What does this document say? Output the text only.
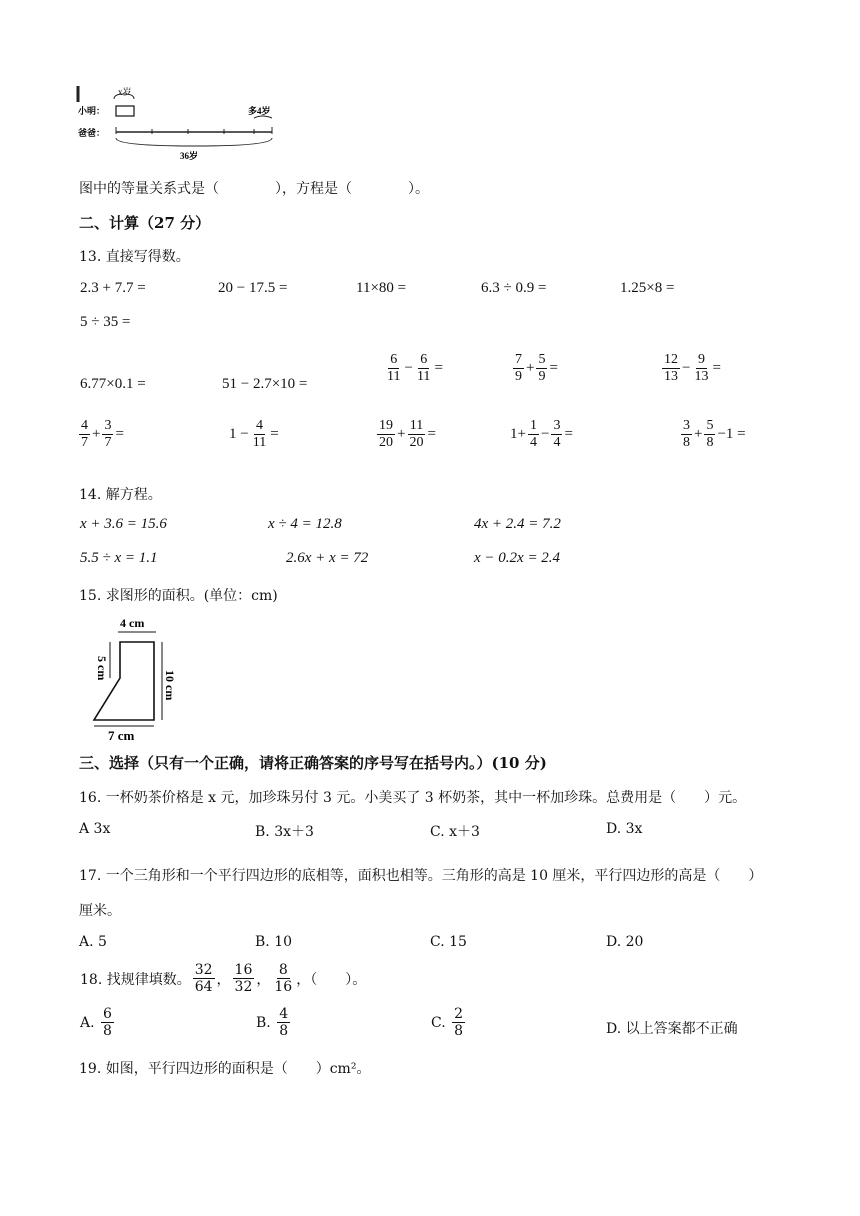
x岁
小明：	多4岁
爸爸：
36岁
图中的等量关系式是（　　　　），方程是（　　　　）。
二、计算（27 分）
13. 直接写得数。
2.3 + 7.7 =	20 − 17.5 =	11×80 =	6.3 ÷ 0.9 =	1.25×8 =
5 ÷ 35 =
6.77×0.1 =	51 − 2.7×10 =	$\frac{6}{11} - \frac{6}{11}$ =	$\frac{7}{9} + \frac{5}{9}$ =	$\frac{12}{13} - \frac{9}{13}$ =
$\frac{4}{7} + \frac{3}{7}$ =	$1 - \frac{4}{11}$ =	$\frac{19}{20} + \frac{11}{20}$ =	$1+ \frac{1}{4} - \frac{3}{4}$ =	$\frac{3}{8} + \frac{5}{8} -1$ =
14. 解方程。
x + 3.6 = 15.6	x ÷ 4 = 12.8	4x + 2.4 = 7.2
5.5 ÷ x = 1.1	2.6x + x = 72	x − 0.2x = 2.4
15. 求图形的面积。(单位：cm)
4 cm
5 cm
10 cm
7 cm
三、选择（只有一个正确，请将正确答案的序号写在括号内。）(10 分)
16. 一杯奶茶价格是 x 元，加珍珠另付 3 元。小美买了 3 杯奶茶，其中一杯加珍珠。总费用是（　　）元。
A 3x	B. 3x＋3	C. x＋3	D. 3x
17. 一个三角形和一个平行四边形的底相等，面积也相等。三角形的高是 10 厘米，平行四边形的高是（　　）
厘米。
A. 5	B. 10	C. 15	D. 20
18. 找规律填数。 $\frac{32}{64}$ ， $\frac{16}{32}$ ， $\frac{8}{16}$ ，（　　）。
A. $\frac{6}{8}$	B. $\frac{4}{8}$	C. $\frac{2}{8}$	D. 以上答案都不正确
19. 如图，平行四边形的面积是（　　）cm²。
